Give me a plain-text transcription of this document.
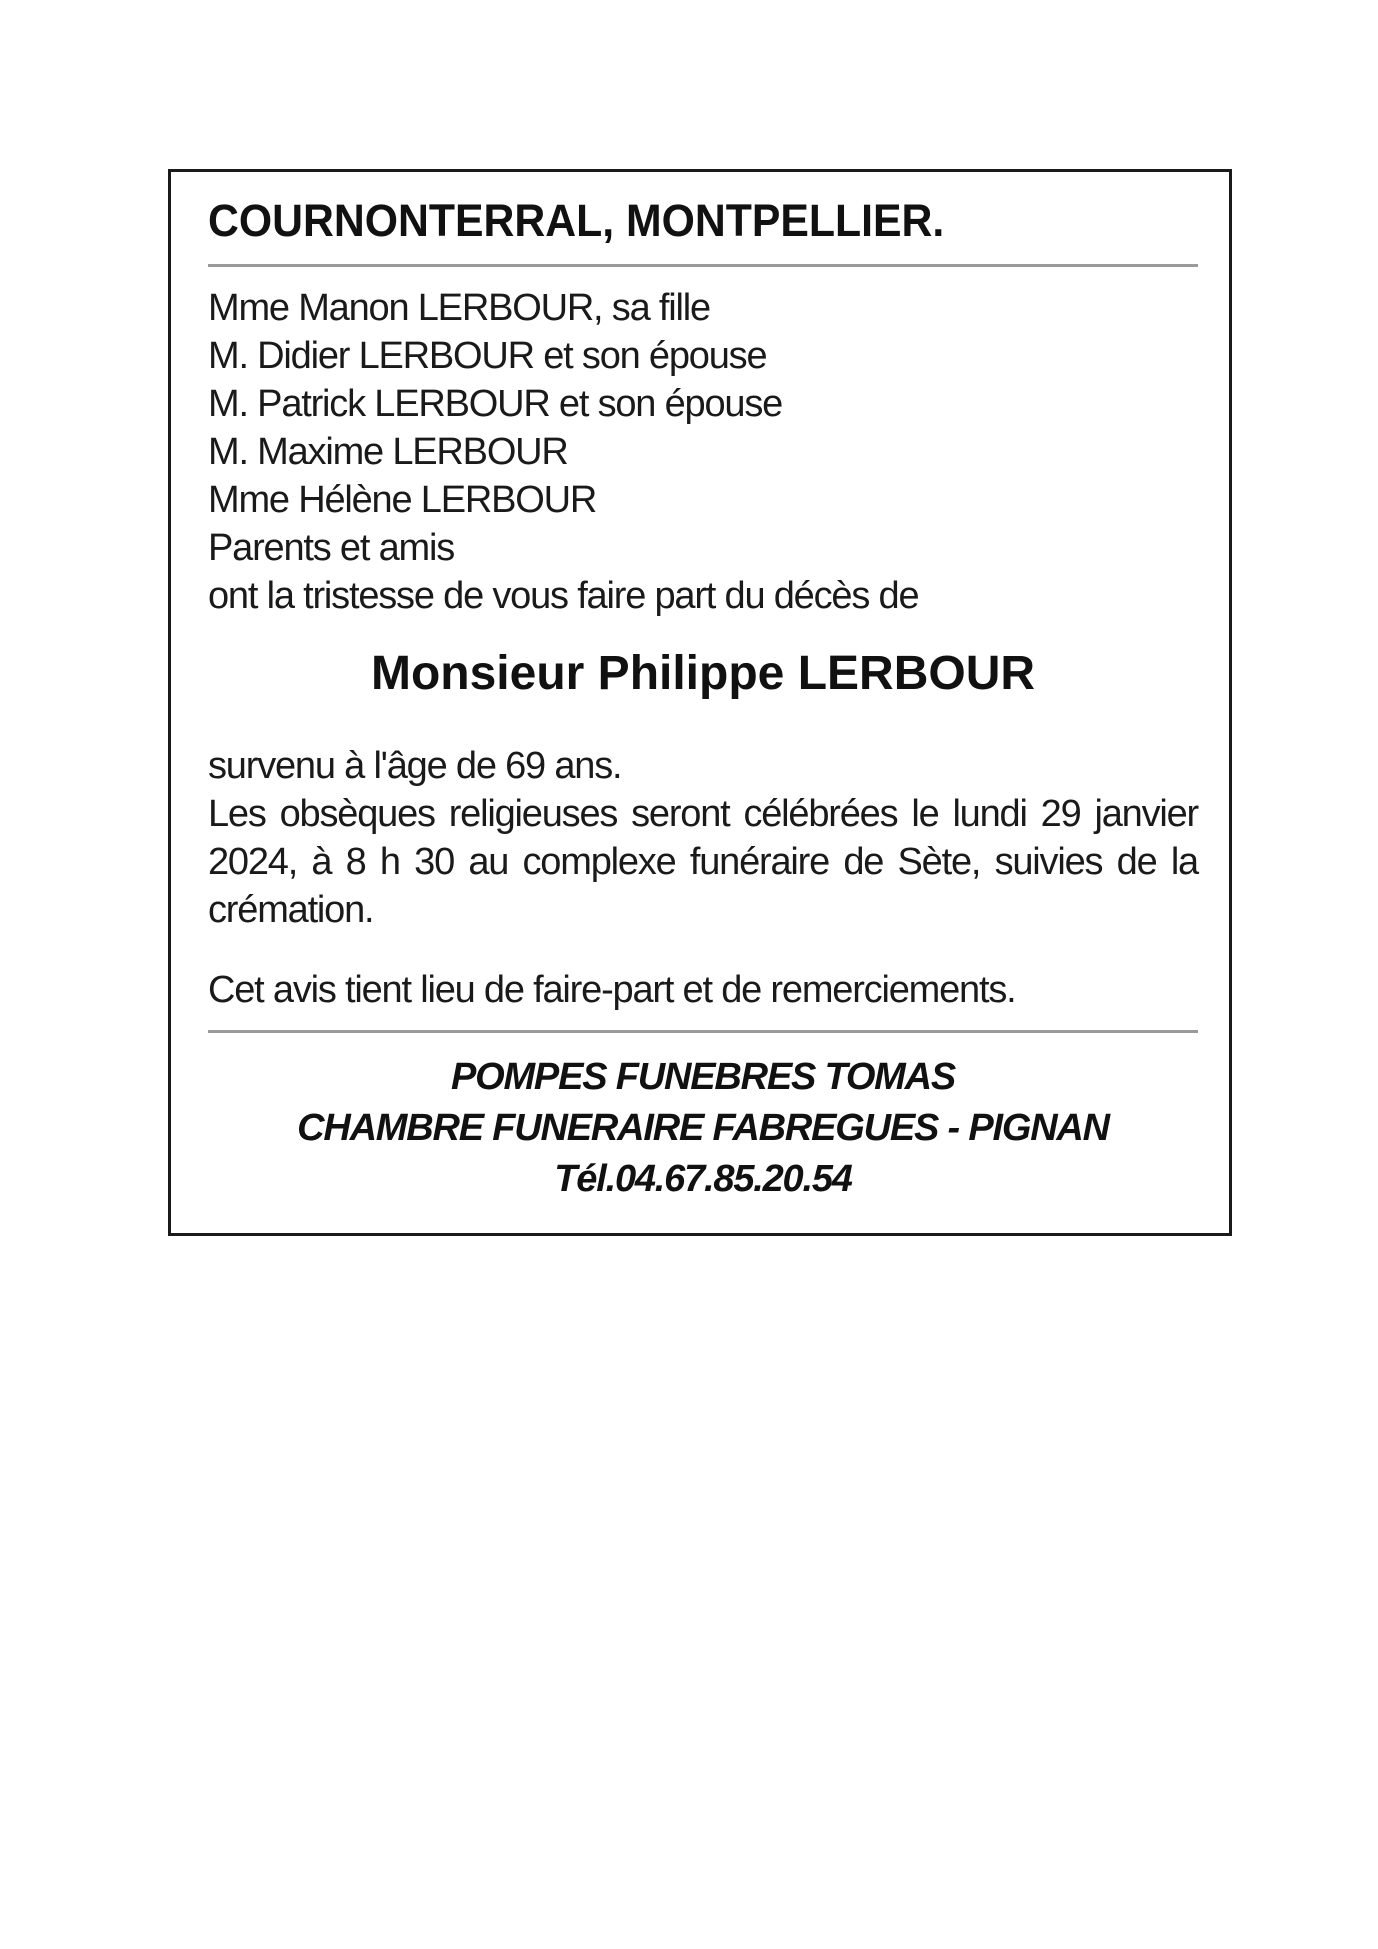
COURNONTERRAL, MONTPELLIER.
Mme Manon LERBOUR, sa fille
M. Didier LERBOUR et son épouse
M. Patrick LERBOUR et son épouse
M. Maxime LERBOUR
Mme Hélène LERBOUR
Parents et amis
ont la tristesse de vous faire part du décès de
Monsieur Philippe LERBOUR
survenu à l'âge de 69 ans.
Les obsèques religieuses seront célébrées le lundi 29 janvier 2024, à 8 h 30 au complexe funéraire de Sète, suivies de la crémation.
Cet avis tient lieu de faire-part et de remerciements.
POMPES FUNEBRES TOMAS
CHAMBRE FUNERAIRE FABREGUES - PIGNAN
Tél.04.67.85.20.54
